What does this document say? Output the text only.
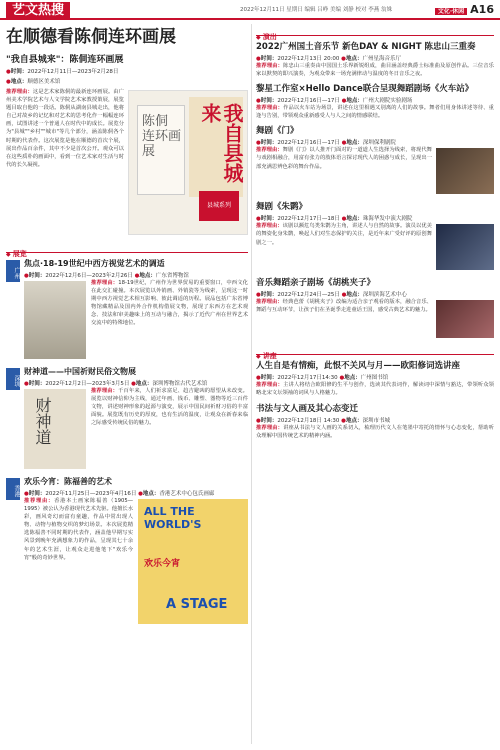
艺文热搜	2022年12月11日 星期日 编辑 吕峥 美编 刘静 校对 李燕 翁姝	文化·休闲 A16
在顺德看陈侗连环画展
"我自县城来"：陈侗连环画展
●时间：2022年12月11日—2023年2月28日
●地点：顺德区美术馆
推荐理由：这是艺术家陈侗的最新连环画展。由广州美术学院艺术与人文学院艺术家教授策展，展览题目取自他的一段话。陈侗从湖南县城走出，他将自己对故乡的记忆和对艺术的思考化作一幅幅连环画，试图讲述一个普通人在时代中的成长。展览分为"县城""乡村""城市"等几个部分，涵盖陈侗各个时期的代表作。这次展览是他在顺德的首次个展，展出作品百余件，其中不少是首次公开。观众可以在这些质朴的画面中，看到一位艺术家对生活与时代的长久凝视。
陈侗 连环画展	我自县城来
县城系列
◆ 展览
广州
焦点·18-19世纪中西方视觉艺术的调适
●时间：2022年12月6日—2023年2月26日 ●地点：广东省博物馆
推荐理由：18-19世纪，广州作为世界贸易的重要窗口，中西文化在此交汇碰撞。本次展览以外销画、外销瓷等为线索，呈现这一时期中西方视觉艺术相互影响、彼此调适的历程。展品包括广东省博物馆藏精品及国内外合作机构借展文物，展现了东西方在艺术观念、技法和审美趣味上的互动与融合，揭示了近代广州在世界艺术交流中的特殊地位。
深圳
财神道——中国祈财民俗文物展
●时间：2022年12月2日—2023年3月5日 ●地点：深圳博物馆古代艺术馆
财神道
推荐理由：千百年来，人们祈求富足、趋吉避凶的愿望从未改变。展览以财神信仰为主线，通过年画、钱币、雕塑、器物等近三百件文物，讲述财神形象的起源与演变，展示中国民间祈财习俗的丰富面貌。展览既有历史的厚度，也有生活的温度，让观众在新春来临之际感受传统民俗的魅力。
香港
欢乐今宵：陈福善的艺术
●时间：2022年11月25日—2023年4月16日 ●地点：香港艺术中心包氏画廊
ALL THE WORLD'S
欢乐今宵
A STAGE
推荐理由：香港本土画家陈福善（1905—1995）被公认为香港现代艺术先驱。他擅长水彩，画风奇幻而富有童趣，作品中常出现人物、动物与植物交织的梦幻场景。本次展览精选陈福善不同时期的代表作，涵盖他早期写实风景到晚年充满想象力的作品，呈现其七十余年的艺术生涯，让观众走进他笔下"欢乐今宵"般的奇妙世界。
◆ 演出
2022广州国土音乐节 新色DAY & NIGHT 陈忠山三重奏
●时间：2022年12月13日 20:00 ●地点：广州星海音乐厅
推荐理由：陈忠山三重奏由中国国土乐界新锐组成，曲目涵盖经典爵士标准曲及原创作品。三位音乐家以默契的即兴演奏，为观众带来一场充满律动与温度的冬日音乐之夜。
黎星工作室×Hello Dance联合呈现舞蹈剧场《火车站》
●时间：2022年12月16日—17日 ●地点：广州大剧院实验剧场
推荐理由：作品以火车站为场景，讲述在这里相遇又别离的人们的故事。舞者们用身体讲述等待、重逢与告别，带领观众重新感受人与人之间的情感联结。
舞剧《门》
●时间：2022年12月16日—17日 ●地点：深圳保利剧院
推荐理由：舞剧《门》以人推开门面对的一道道人生选择为线索，将现代舞与戏剧相融合，用富有张力的肢体语言探讨现代人的困惑与成长，呈现出一部充满思辨色彩的舞台作品。
舞剧《朱鹮》
●时间：2022年12月17日—18日 ●地点：珠海华发中演大剧院
推荐理由：该剧以濒危鸟类朱鹮为主角，讲述人与自然的故事。演员以优美的舞姿化身朱鹮，唤起人们对生态保护的关注，是近年来广受好评的原创舞剧之一。
音乐舞蹈亲子剧场《胡桃夹子》
●时间：2022年12月24日—25日 ●地点：深圳滨海艺术中心
推荐理由：经典芭蕾《胡桃夹子》改编为适合亲子观看的版本，融合音乐、舞蹈与互动环节，让孩子们在圣诞季走进童话王国，感受古典艺术的魅力。
◆ 讲座
人生自是有情痴，此恨不关风与月——欧阳修词选讲座
●时间：2022年12月17日14:30 ●地点：广州图书馆
推荐理由：主讲人将结合欧阳修的生平与创作，选读其代表词作，解读词中深情与豁达，带领听众领略北宋文坛领袖的词风与人格魅力。
书法与文人画及其心态变迁
●时间：2022年12月18日 14:30 ●地点：深圳市书城
推荐理由：讲座从书法与文人画的关系切入，梳理历代文人在笔墨中寄托的情怀与心态变化，帮助听众理解中国传统艺术的精神内涵。
